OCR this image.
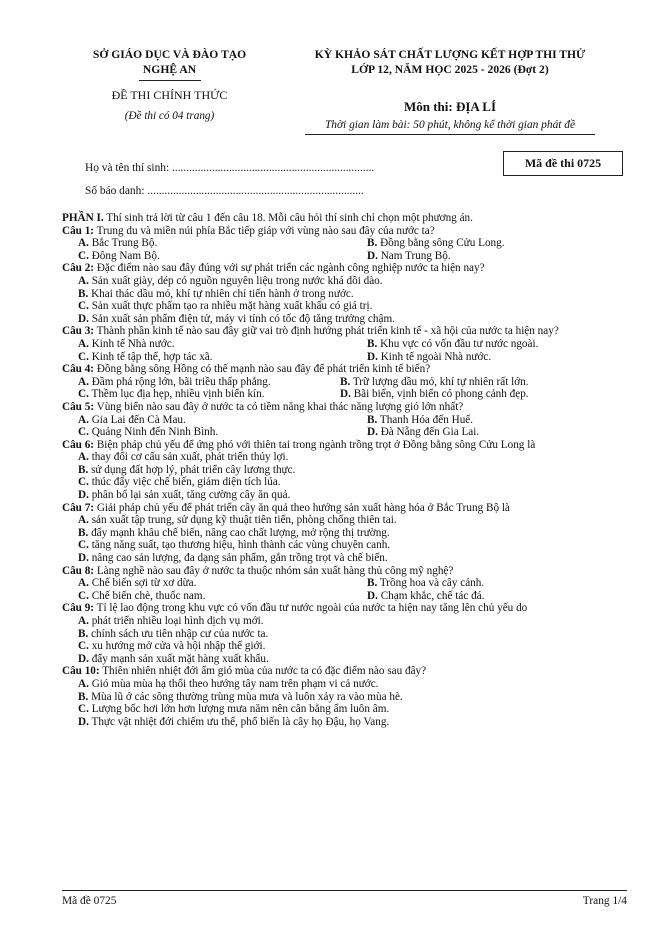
SỞ GIÁO DỤC VÀ ĐÀO TẠO
NGHỆ AN
ĐỀ THI CHÍNH THỨC
(Đề thi có 04 trang)
KỲ KHẢO SÁT CHẤT LƯỢNG KẾT HỢP THI THỬ
LỚP 12, NĂM HỌC 2025 - 2026 (Đợt 2)
Môn thi: ĐỊA LÍ
Thời gian làm bài: 50 phút, không kể thời gian phát đề
Họ và tên thí sinh: .......................................................................
Số báo danh: ............................................................................
Mã đề thi 0725
PHẦN I. Thí sinh trả lời từ câu 1 đến câu 18. Mỗi câu hỏi thí sinh chỉ chọn một phương án.
Câu 1: Trung du và miền núi phía Bắc tiếp giáp với vùng nào sau đây của nước ta?
A. Bắc Trung Bộ.	B. Đồng bằng sông Cửu Long.
C. Đông Nam Bộ.	D. Nam Trung Bộ.
Câu 2: Đặc điểm nào sau đây đúng với sự phát triển các ngành công nghiệp nước ta hiện nay?
A. Sản xuất giày, dép có nguồn nguyên liệu trong nước khá dồi dào.
B. Khai thác dầu mỏ, khí tự nhiên chỉ tiến hành ở trong nước.
C. Sản xuất thực phẩm tạo ra nhiều mặt hàng xuất khẩu có giá trị.
D. Sản xuất sản phẩm điện tử, máy vi tính có tốc độ tăng trưởng chậm.
Câu 3: Thành phần kinh tế nào sau đây giữ vai trò định hướng phát triển kinh tế - xã hội của nước ta hiện nay?
A. Kinh tế Nhà nước.	B. Khu vực có vốn đầu tư nước ngoài.
C. Kinh tế tập thể, hợp tác xã.	D. Kinh tế ngoài Nhà nước.
Câu 4: Đồng bằng sông Hồng có thế mạnh nào sau đây để phát triển kinh tế biển?
A. Đầm phá rộng lớn, bãi triều thấp phẳng.	B. Trữ lượng dầu mỏ, khí tự nhiên rất lớn.
C. Thềm lục địa hẹp, nhiều vịnh biển kín.	D. Bãi biển, vịnh biển có phong cảnh đẹp.
Câu 5: Vùng biển nào sau đây ở nước ta có tiềm năng khai thác năng lượng gió lớn nhất?
A. Gia Lai đến Cà Mau.	B. Thanh Hóa đến Huế.
C. Quảng Ninh đến Ninh Bình.	D. Đà Nẵng đến Gia Lai.
Câu 6: Biện pháp chủ yếu để ứng phó với thiên tai trong ngành trồng trọt ở Đồng bằng sông Cửu Long là
A. thay đổi cơ cấu sản xuất, phát triển thủy lợi.
B. sử dụng đất hợp lý, phát triển cây lương thực.
C. thúc đẩy việc chế biến, giảm diện tích lúa.
D. phân bố lại sản xuất, tăng cường cây ăn quả.
Câu 7: Giải pháp chủ yếu để phát triển cây ăn quả theo hướng sản xuất hàng hóa ở Bắc Trung Bộ là
A. sản xuất tập trung, sử dụng kỹ thuật tiên tiến, phòng chống thiên tai.
B. đẩy mạnh khâu chế biến, nâng cao chất lượng, mở rộng thị trường.
C. tăng năng suất, tạo thương hiệu, hình thành các vùng chuyên canh.
D. nâng cao sản lượng, đa dạng sản phẩm, gắn trồng trọt và chế biến.
Câu 8: Làng nghề nào sau đây ở nước ta thuộc nhóm sản xuất hàng thủ công mỹ nghệ?
A. Chế biến sợi từ xơ dừa.	B. Trồng hoa và cây cảnh.
C. Chế biến chè, thuốc nam.	D. Chạm khắc, chế tác đá.
Câu 9: Tỉ lệ lao động trong khu vực có vốn đầu tư nước ngoài của nước ta hiện nay tăng lên chủ yếu do
A. phát triển nhiều loại hình dịch vụ mới.
B. chính sách ưu tiên nhập cư của nước ta.
C. xu hướng mở cửa và hội nhập thế giới.
D. đẩy mạnh sản xuất mặt hàng xuất khẩu.
Câu 10: Thiên nhiên nhiệt đới ẩm gió mùa của nước ta có đặc điểm nào sau đây?
A. Gió mùa mùa hạ thổi theo hướng tây nam trên phạm vi cả nước.
B. Mùa lũ ở các sông thường trùng mùa mưa và luôn xảy ra vào mùa hè.
C. Lượng bốc hơi lớn hơn lượng mưa năm nên cân bằng ẩm luôn âm.
D. Thực vật nhiệt đới chiếm ưu thế, phổ biến là cây họ Đậu, họ Vang.
Mã đề 0725	Trang 1/4
